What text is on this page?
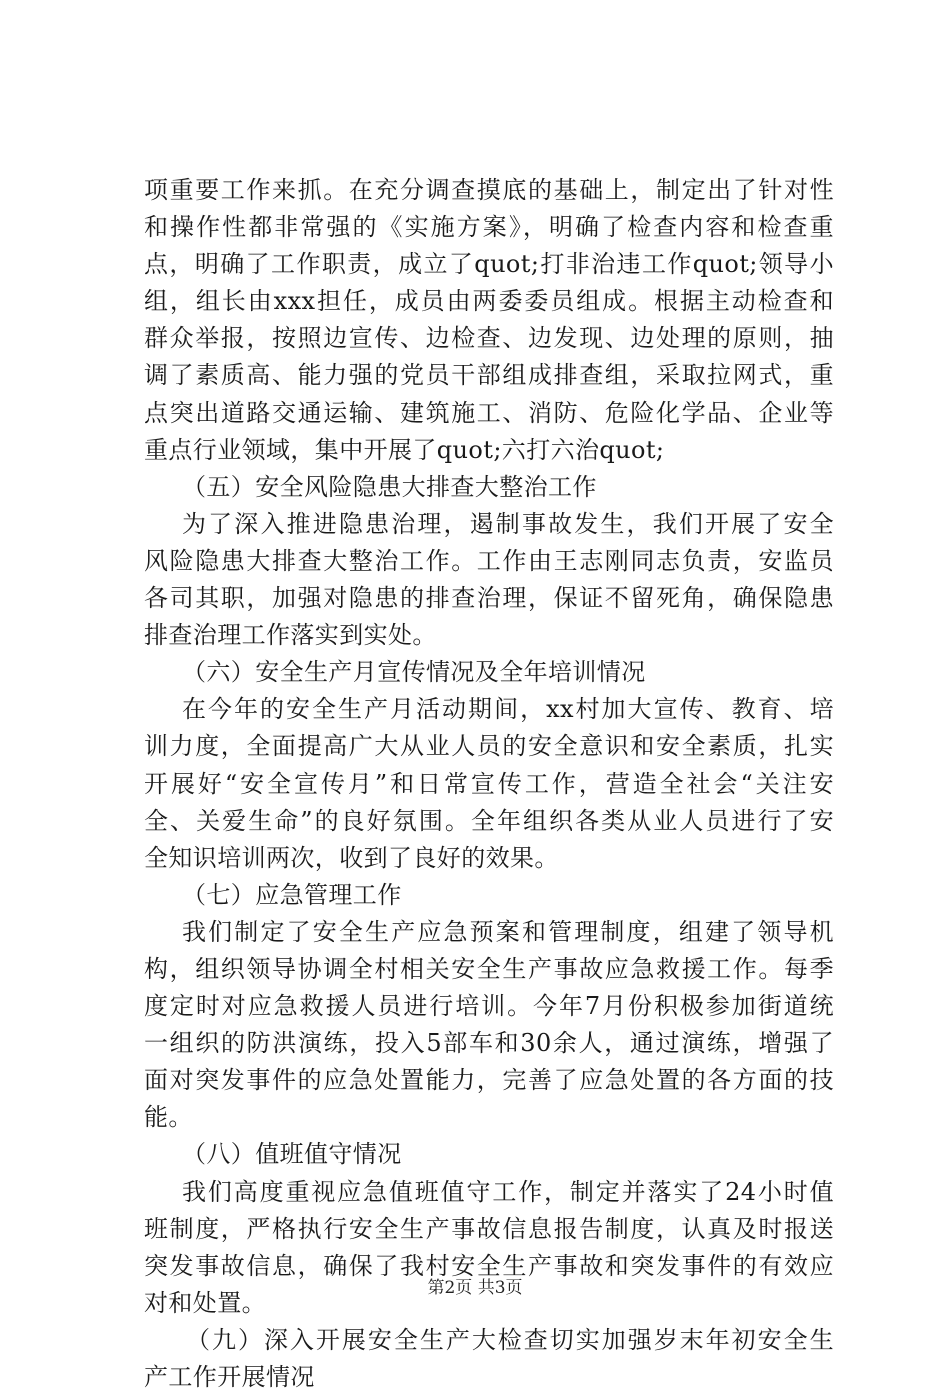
项重要工作来抓。在充分调查摸底的基础上，制定出了针对性
和操作性都非常强的《实施方案》，明确了检查内容和检查重
点，明确了工作职责，成立了quot;打非治违工作quot;领导小
组，组长由xxx担任，成员由两委委员组成。根据主动检查和
群众举报，按照边宣传、边检查、边发现、边处理的原则，抽
调了素质高、能力强的党员干部组成排查组，采取拉网式，重
点突出道路交通运输、建筑施工、消防、危险化学品、企业等
重点行业领域，集中开展了quot;六打六治quot;
（五）安全风险隐患大排查大整治工作
为了深入推进隐患治理，遏制事故发生，我们开展了安全
风险隐患大排查大整治工作。工作由王志刚同志负责，安监员
各司其职，加强对隐患的排查治理，保证不留死角，确保隐患
排查治理工作落实到实处。
（六）安全生产月宣传情况及全年培训情况
在今年的安全生产月活动期间，xx村加大宣传、教育、培
训力度，全面提高广大从业人员的安全意识和安全素质，扎实
开展好“安全宣传月”和日常宣传工作，营造全社会“关注安
全、关爱生命”的良好氛围。全年组织各类从业人员进行了安
全知识培训两次，收到了良好的效果。
（七）应急管理工作
我们制定了安全生产应急预案和管理制度，组建了领导机
构，组织领导协调全村相关安全生产事故应急救援工作。每季
度定时对应急救援人员进行培训。今年7月份积极参加街道统
一组织的防洪演练，投入5部车和30余人，通过演练，增强了
面对突发事件的应急处置能力，完善了应急处置的各方面的技
能。
（八）值班值守情况
我们高度重视应急值班值守工作，制定并落实了24小时值
班制度，严格执行安全生产事故信息报告制度，认真及时报送
突发事故信息，确保了我村安全生产事故和突发事件的有效应
对和处置。
（九）深入开展安全生产大检查切实加强岁末年初安全生
产工作开展情况
第2页 共3页
